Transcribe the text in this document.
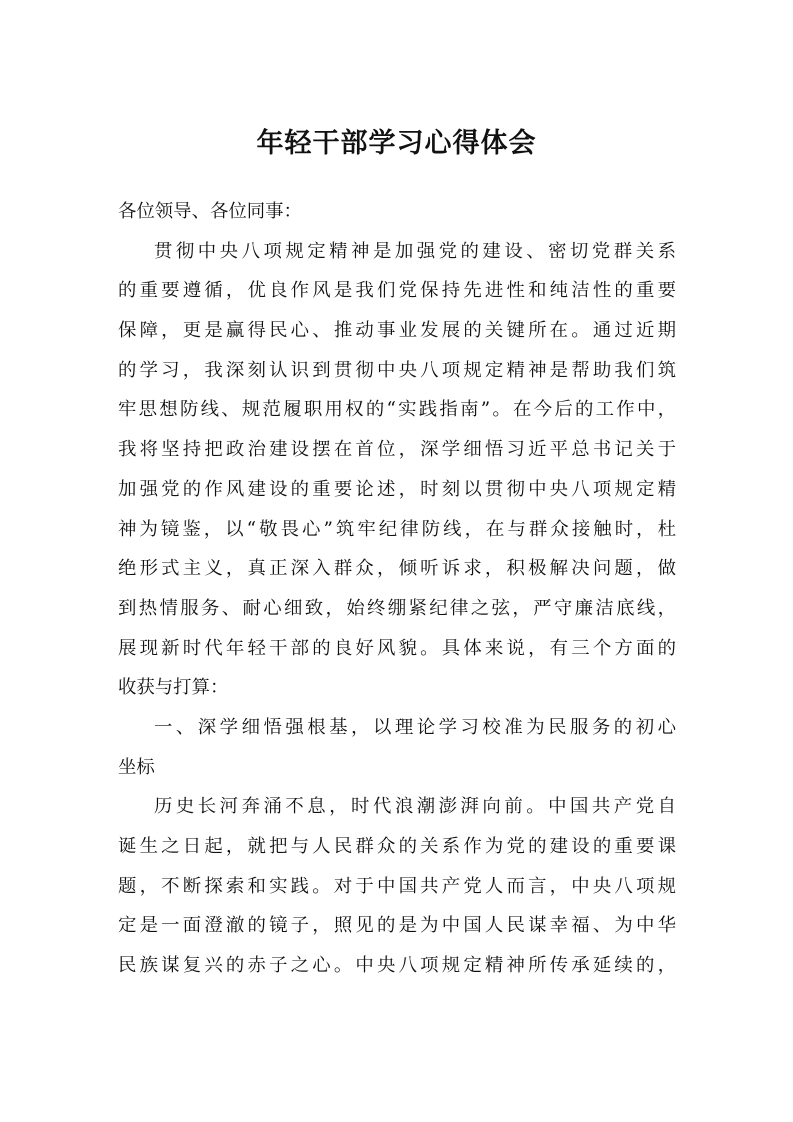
年轻干部学习心得体会
各位领导、各位同事：
贯彻中央八项规定精神是加强党的建设、密切党群关系
的重要遵循，优良作风是我们党保持先进性和纯洁性的重要
保障，更是赢得民心、推动事业发展的关键所在。通过近期
的学习，我深刻认识到贯彻中央八项规定精神是帮助我们筑
牢思想防线、规范履职用权的“实践指南”。在今后的工作中，
我将坚持把政治建设摆在首位，深学细悟习近平总书记关于
加强党的作风建设的重要论述，时刻以贯彻中央八项规定精
神为镜鉴，以“敬畏心”筑牢纪律防线，在与群众接触时，杜
绝形式主义，真正深入群众，倾听诉求，积极解决问题，做
到热情服务、耐心细致，始终绷紧纪律之弦，严守廉洁底线，
展现新时代年轻干部的良好风貌。具体来说，有三个方面的
收获与打算：
一、深学细悟强根基，以理论学习校准为民服务的初心
坐标
历史长河奔涌不息，时代浪潮澎湃向前。中国共产党自
诞生之日起，就把与人民群众的关系作为党的建设的重要课
题，不断探索和实践。对于中国共产党人而言，中央八项规
定是一面澄澈的镜子，照见的是为中国人民谋幸福、为中华
民族谋复兴的赤子之心。中央八项规定精神所传承延续的，
